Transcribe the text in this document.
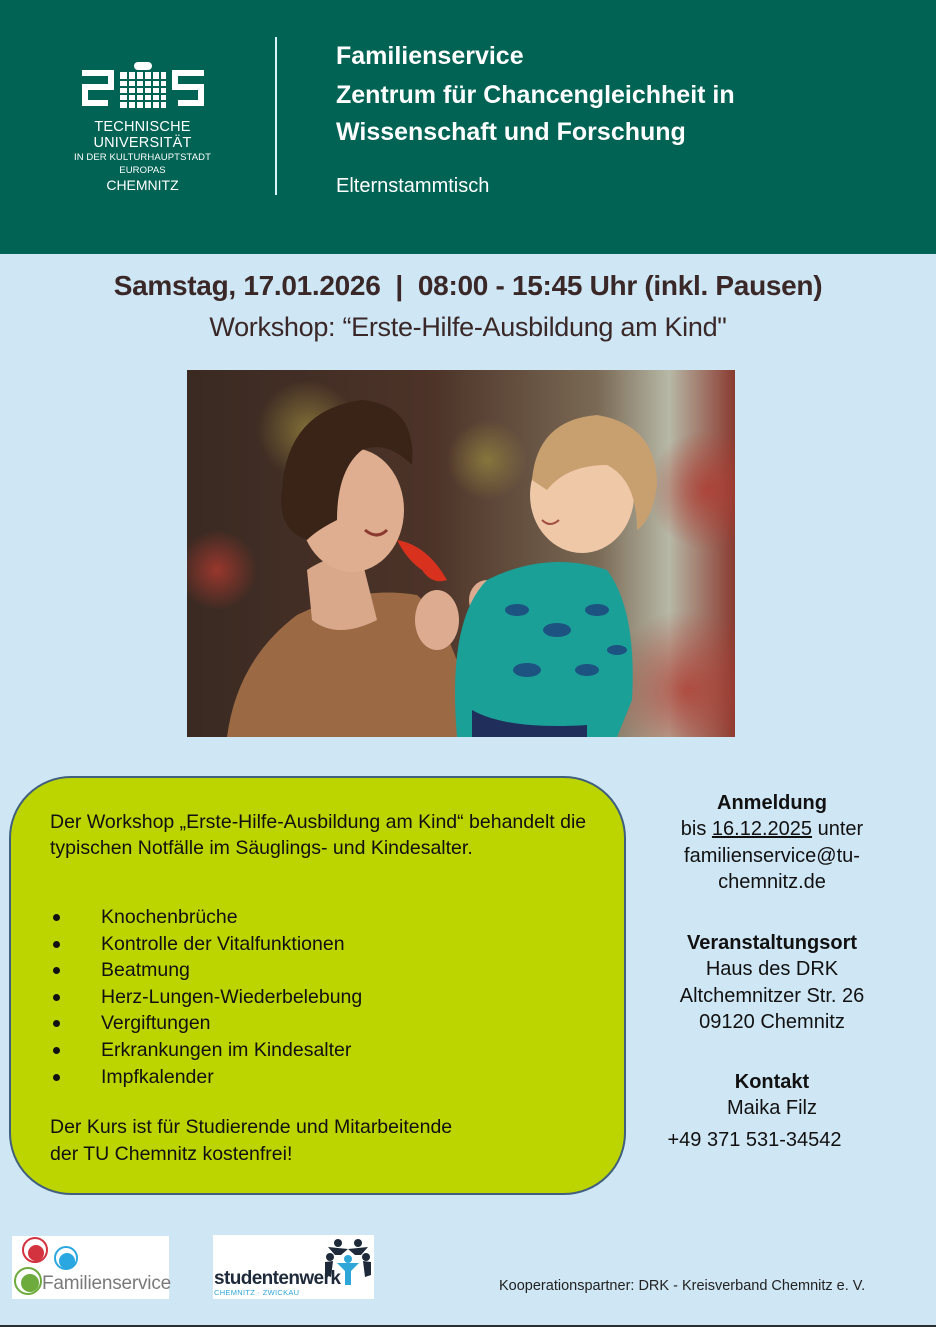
TECHNISCHE UNIVERSITÄT
IN DER KULTURHAUPTSTADT EUROPAS
CHEMNITZ
Familienservice
Zentrum für Chancengleichheit in
Wissenschaft und Forschung
Elternstammtisch
Samstag, 17.01.2026  |  08:00 - 15:45 Uhr (inkl. Pausen)
Workshop: “Erste-Hilfe-Ausbildung am Kind"
Der Workshop „Erste-Hilfe-Ausbildung am Kind“ behandelt die typischen Notfälle im Säuglings- und Kindesalter.
Knochenbrüche
Kontrolle der Vitalfunktionen
Beatmung
Herz-Lungen-Wiederbelebung
Vergiftungen
Erkrankungen im Kindesalter
Impfkalender
Der Kurs ist für Studierende und Mitarbeitende
der TU Chemnitz kostenfrei!
Anmeldung
bis 16.12.2025 unter
familienservice@tu-
chemnitz.de
Veranstaltungsort
Haus des DRK
Altchemnitzer Str. 26
09120 Chemnitz
Kontakt
Maika Filz
+49 371 531-34542
Familienservice studentenwerk
CHEMNITZ · ZWICKAU	Kooperationspartner: DRK - Kreisverband Chemnitz e. V.
